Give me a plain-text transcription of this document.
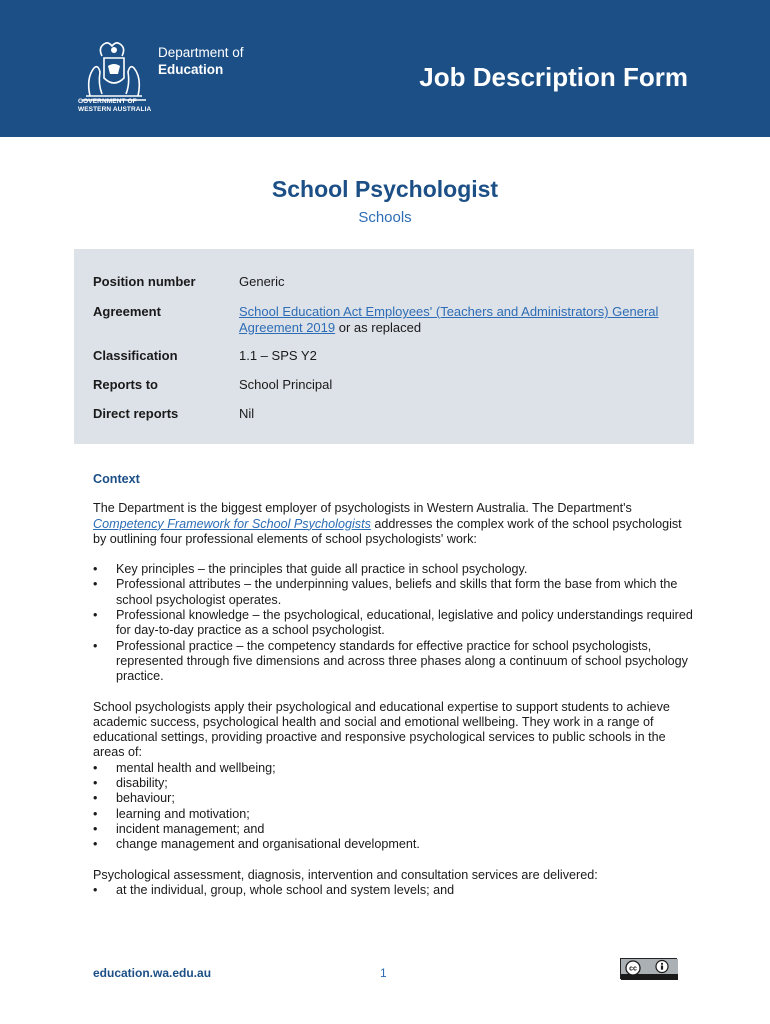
GOVERNMENT OF
WESTERN AUSTRALIA
Department of
Education	Job Description Form
School Psychologist
Schools
Position number	Generic
Agreement	School Education Act Employees' (Teachers and Administrators) General Agreement 2019 or as replaced
Classification	1.1 – SPS Y2
Reports to	School Principal
Direct reports	Nil
Context

The Department is the biggest employer of psychologists in Western Australia. The Department's Competency Framework for School Psychologists addresses the complex work of the school psychologist by outlining four professional elements of school psychologists' work:

• Key principles – the principles that guide all practice in school psychology.
• Professional attributes – the underpinning values, beliefs and skills that form the base from which the school psychologist operates.
• Professional knowledge – the psychological, educational, legislative and policy understandings required for day-to-day practice as a school psychologist.
• Professional practice – the competency standards for effective practice for school psychologists, represented through five dimensions and across three phases along a continuum of school psychology practice.

School psychologists apply their psychological and educational expertise to support students to achieve academic success, psychological health and social and emotional wellbeing. They work in a range of educational settings, providing proactive and responsive psychological services to public schools in the areas of:

• mental health and wellbeing;
• disability;
• behaviour;
• learning and motivation;
• incident management; and
• change management and organisational development.

Psychological assessment, diagnosis, intervention and consultation services are delivered:

• at the individual, group, whole school and system levels; and
education.wa.edu.au	1	cc
